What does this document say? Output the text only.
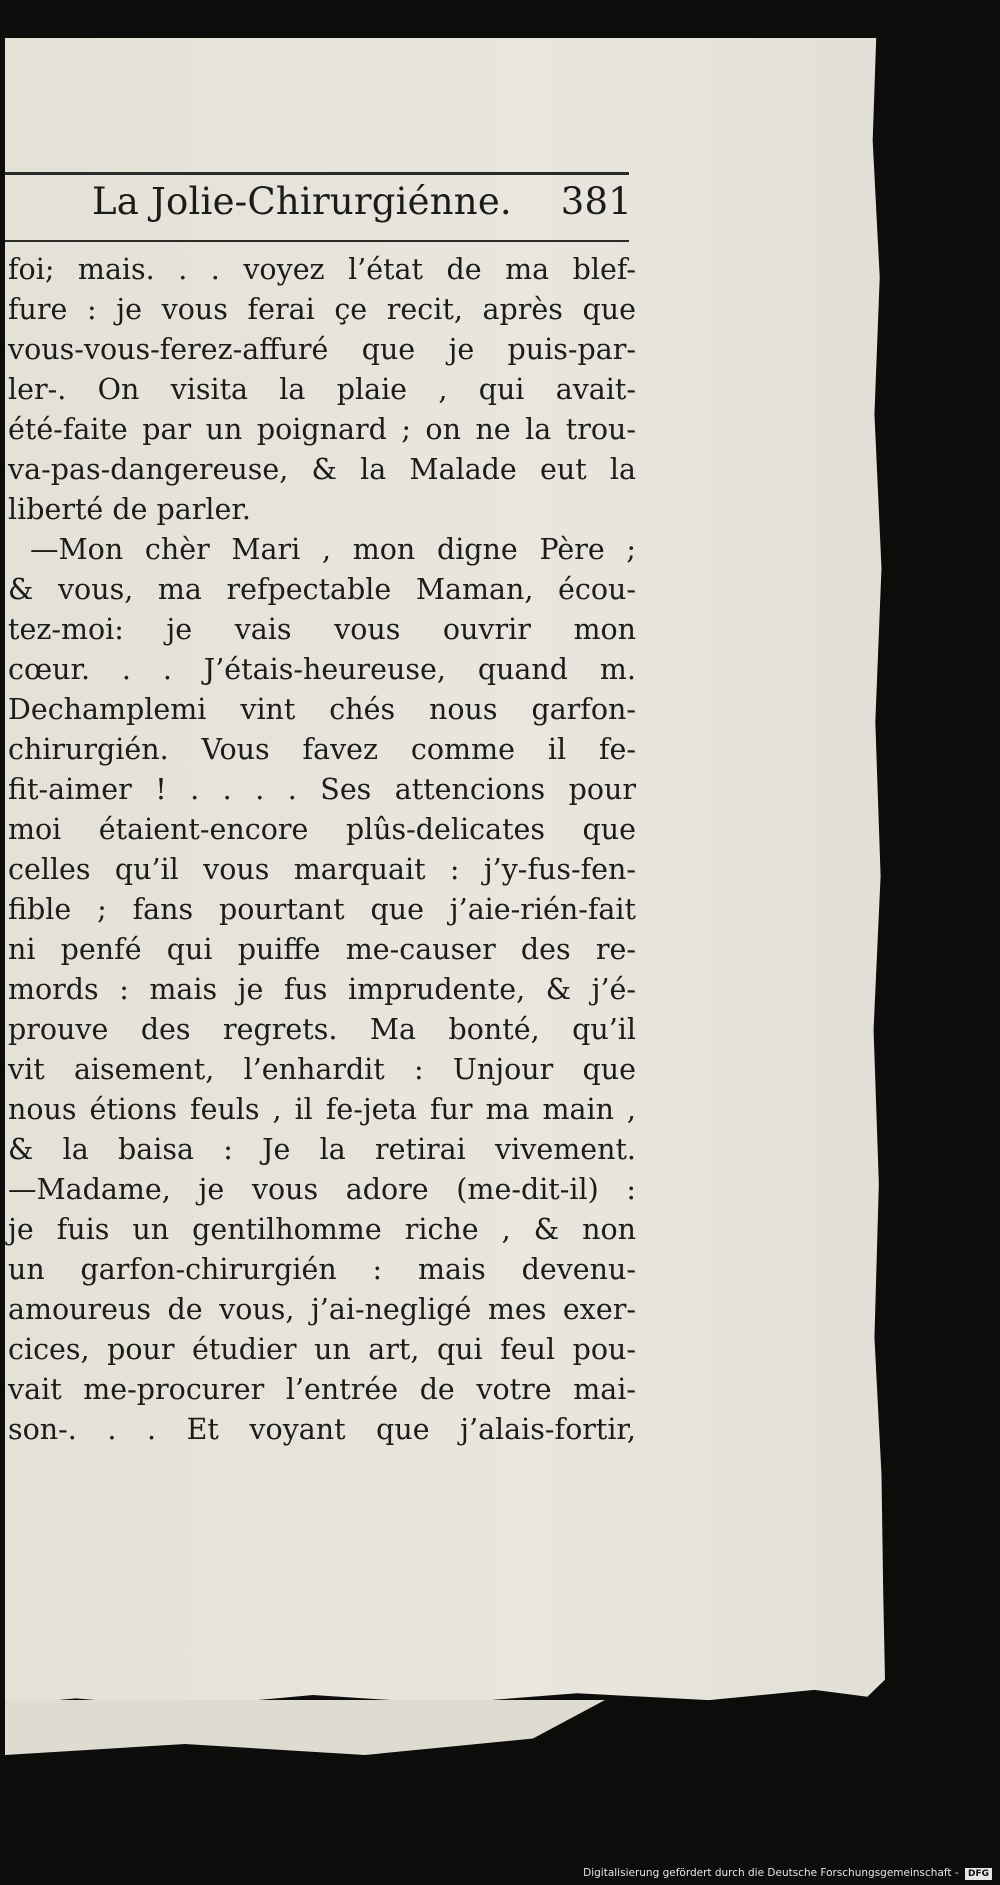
La Jolie-Chirurgiénne. 381
foi; mais. . . voyez l’état de ma blef-
fure : je vous ferai çe recit, après que
vous-vous-ferez-affuré que je puis-par-
ler-. On visita la plaie , qui avait-
été-faite par un poignard ; on ne la trou-
va-pas-dangereuse, & la Malade eut la
liberté de parler.
—Mon chèr Mari , mon digne Père ;
& vous, ma refpectable Maman, écou-
tez-moi: je vais vous ouvrir mon
cœur. . . J’étais-heureuse, quand m.
Dechamplemi vint chés nous garfon-
chirurgién. Vous favez comme il fe-
fit-aimer ! . . . . Ses attencions pour
moi étaient-encore plûs-delicates que
celles qu’il vous marquait : j’y-fus-fen-
fible ; fans pourtant que j’aie-rién-fait
ni penfé qui puiffe me-causer des re-
mords : mais je fus imprudente, & j’é-
prouve des regrets. Ma bonté, qu’il
vit aisement, l’enhardit : Unjour que
nous étions feuls , il fe-jeta fur ma main ,
& la baisa : Je la retirai vivement.
—Madame, je vous adore (me-dit-il) :
je fuis un gentilhomme riche , & non
un garfon-chirurgién : mais devenu-
amoureus de vous, j’ai-negligé mes exer-
cices, pour étudier un art, qui feul pou-
vait me-procurer l’entrée de votre mai-
son-. . . Et voyant que j’alais-fortir,
Digitalisierung gefördert durch die Deutsche Forschungsgemeinschaft - DFG
